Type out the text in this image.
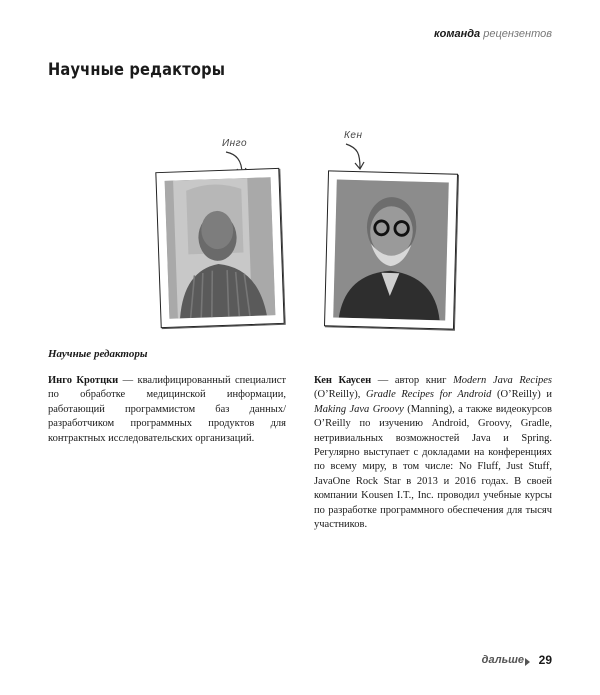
команда рецензентов
Научные редакторы
Инго
Кен
Научные редакторы
Инго Кротцки — квалифицированный специалист по обработке медицинской информации, работающий программистом баз данных/разработчиком программных продуктов для контрактных исследовательских организаций.
Кен Каусен — автор книг Modern Java Recipes (O’Reilly), Gradle Recipes for Android (O’Reilly) и Making Java Groovy (Manning), а также видеокурсов O’Reilly по изучению Android, Groovy, Gradle, нетривиальных возможностей Java и Spring. Регулярно выступает с докладами на конференциях по всему миру, в том числе: No Fluff, Just Stuff, JavaOne Rock Star в 2013 и 2016 годах. В своей компании Kousen I.T., Inc. проводил учебные курсы по разработке программного обеспечения для тысяч участников.
дальше 29
